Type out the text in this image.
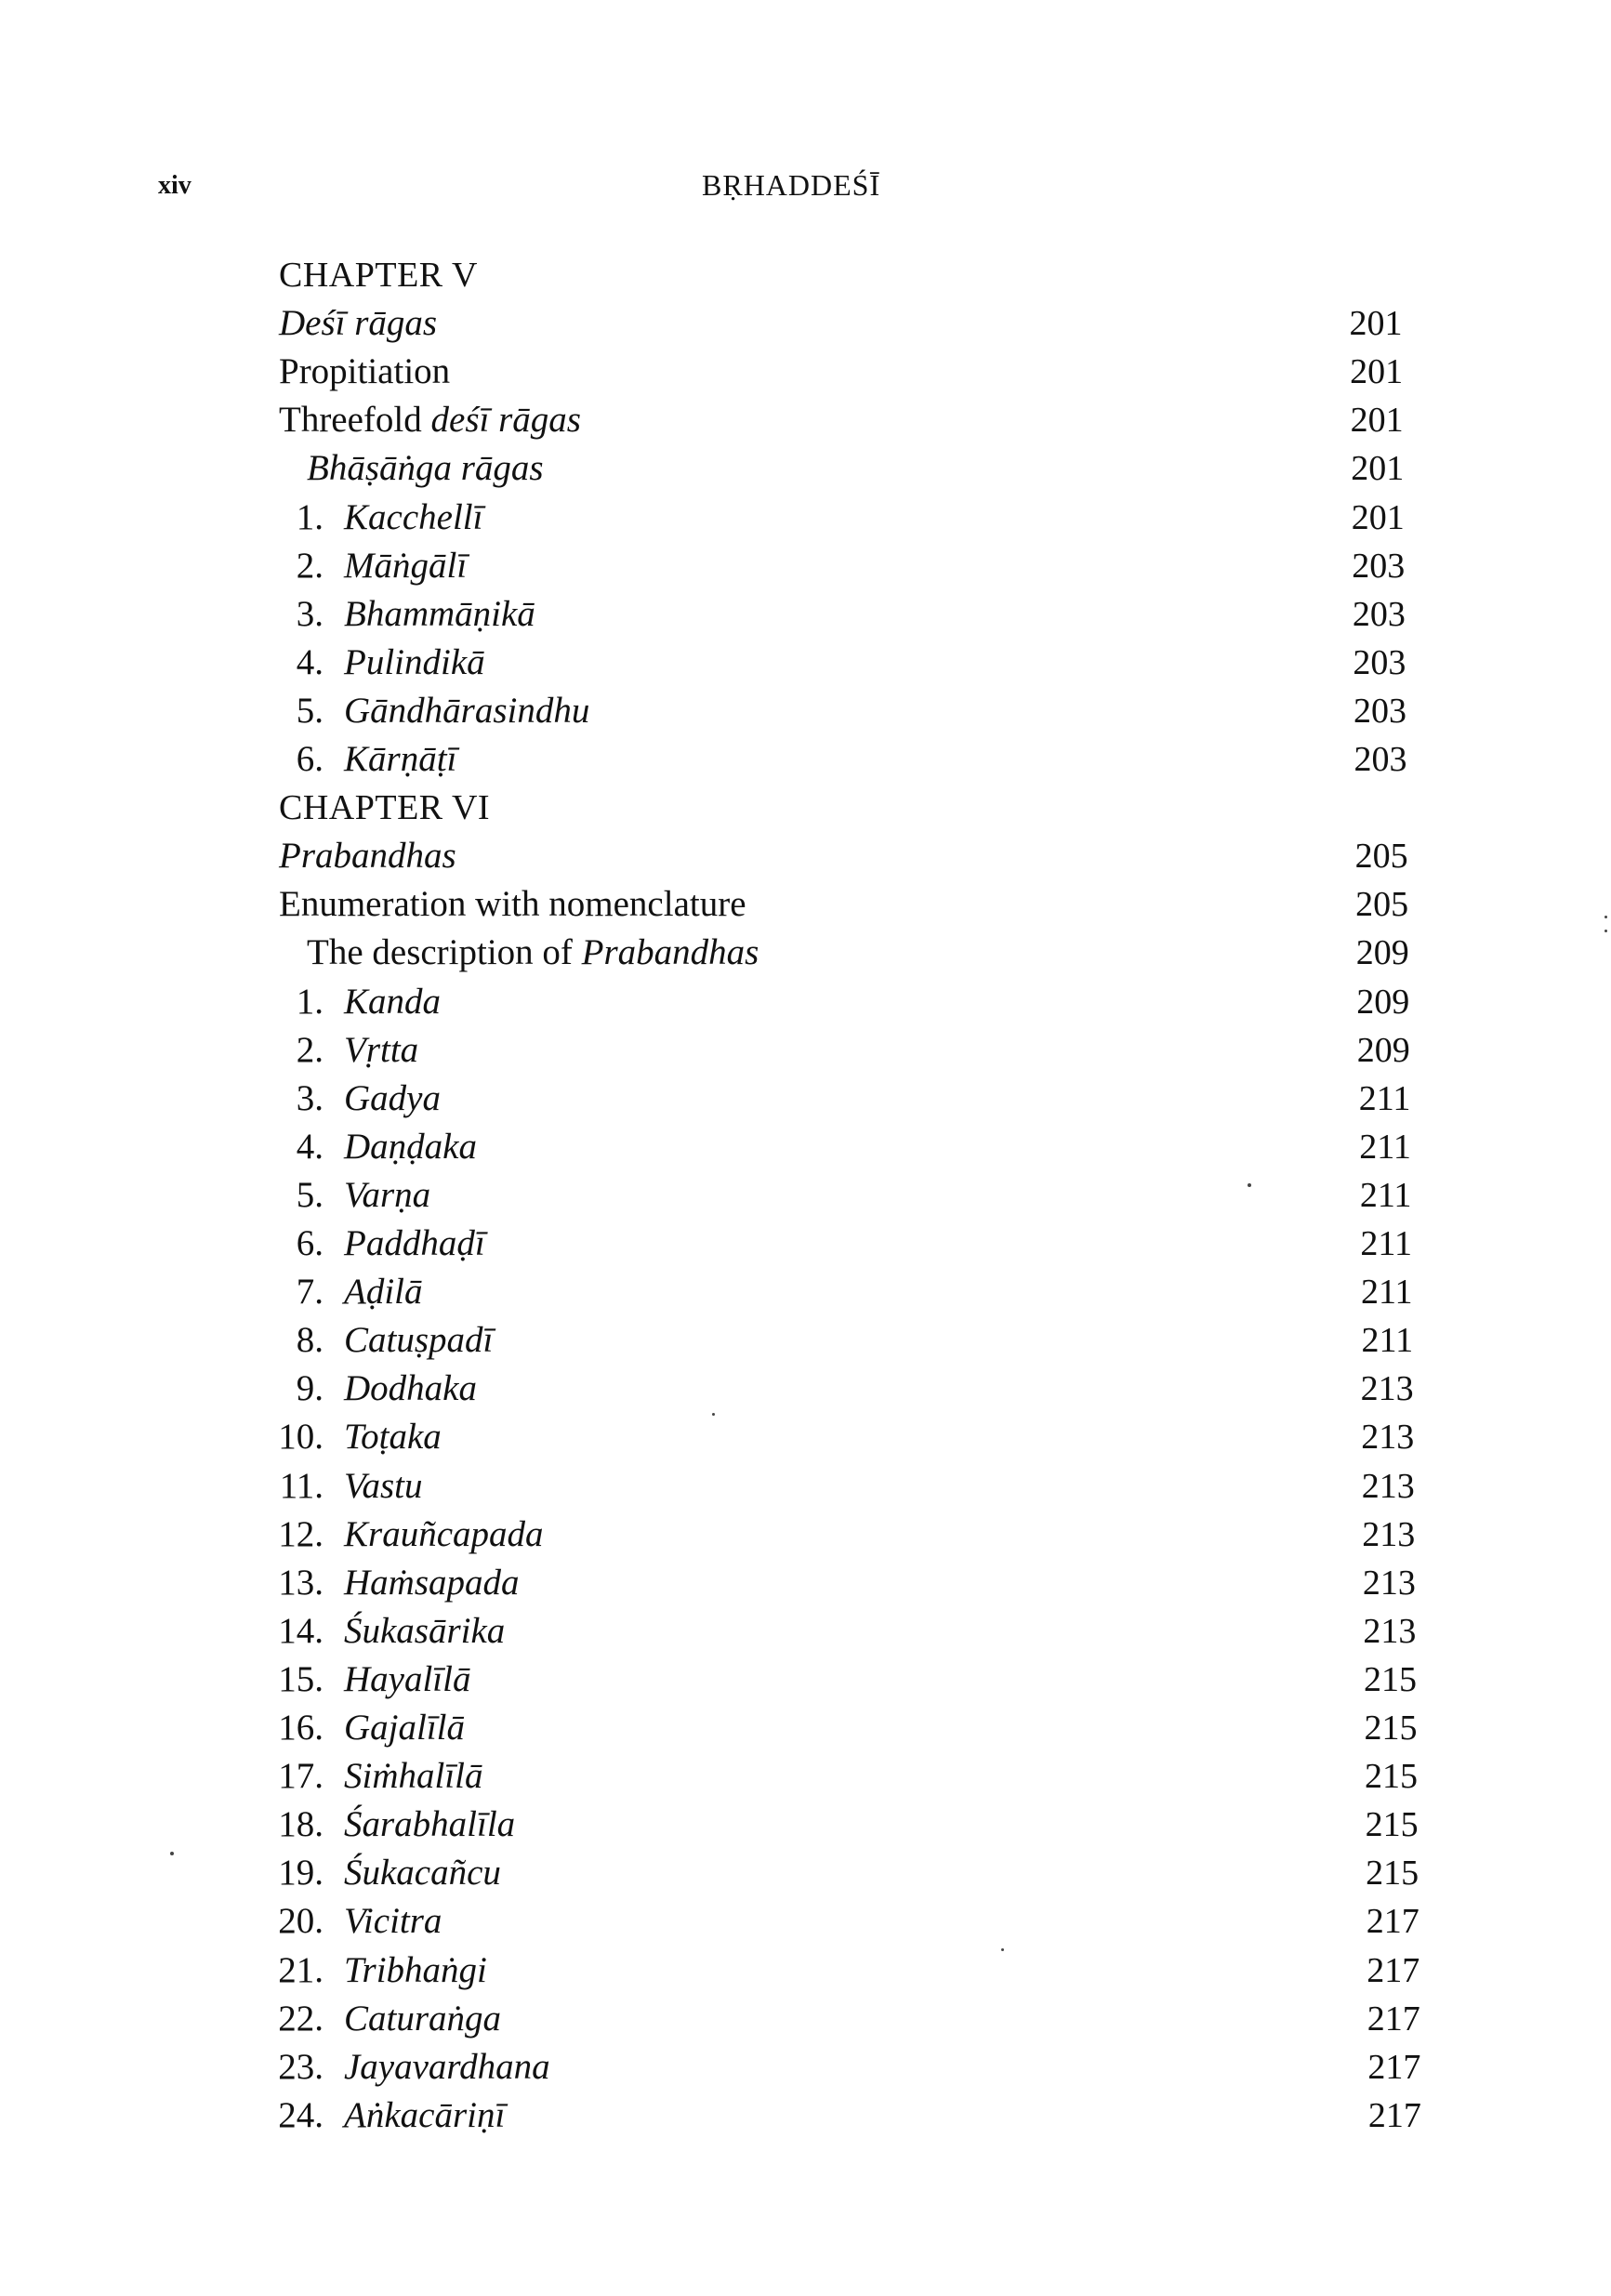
xiv	BṚHADDEŚĪ
CHAPTER V
Deśī rāgas	201
Propitiation	201
Threefold deśī rāgas	201
Bhāṣāṅga rāgas	201
1. Kacchellī	201
2. Māṅgālī	203
3. Bhammāṇikā	203
4. Pulindikā	203
5. Gāndhārasindhu	203
6. Kārṇāṭī	203
CHAPTER VI
Prabandhas	205
Enumeration with nomenclature	205
The description of Prabandhas	209
1. Kanda	209
2. Vṛtta	209
3. Gadya	211
4. Daṇḍaka	211
5. Varṇa	211
6. Paddhaḍī	211
7. Aḍilā	211
8. Catuṣpadī	211
9. Dodhaka	213
10. Toṭaka	213
11. Vastu	213
12. Krauñcapada	213
13. Haṁsapada	213
14. Śukasārika	213
15. Hayalīlā	215
16. Gajalīlā	215
17. Siṁhalīlā	215
18. Śarabhalīla	215
19. Śukacañcu	215
20. Vicitra	217
21. Tribhaṅgi	217
22. Caturaṅga	217
23. Jayavardhana	217
24. Aṅkacāriṇī	217
